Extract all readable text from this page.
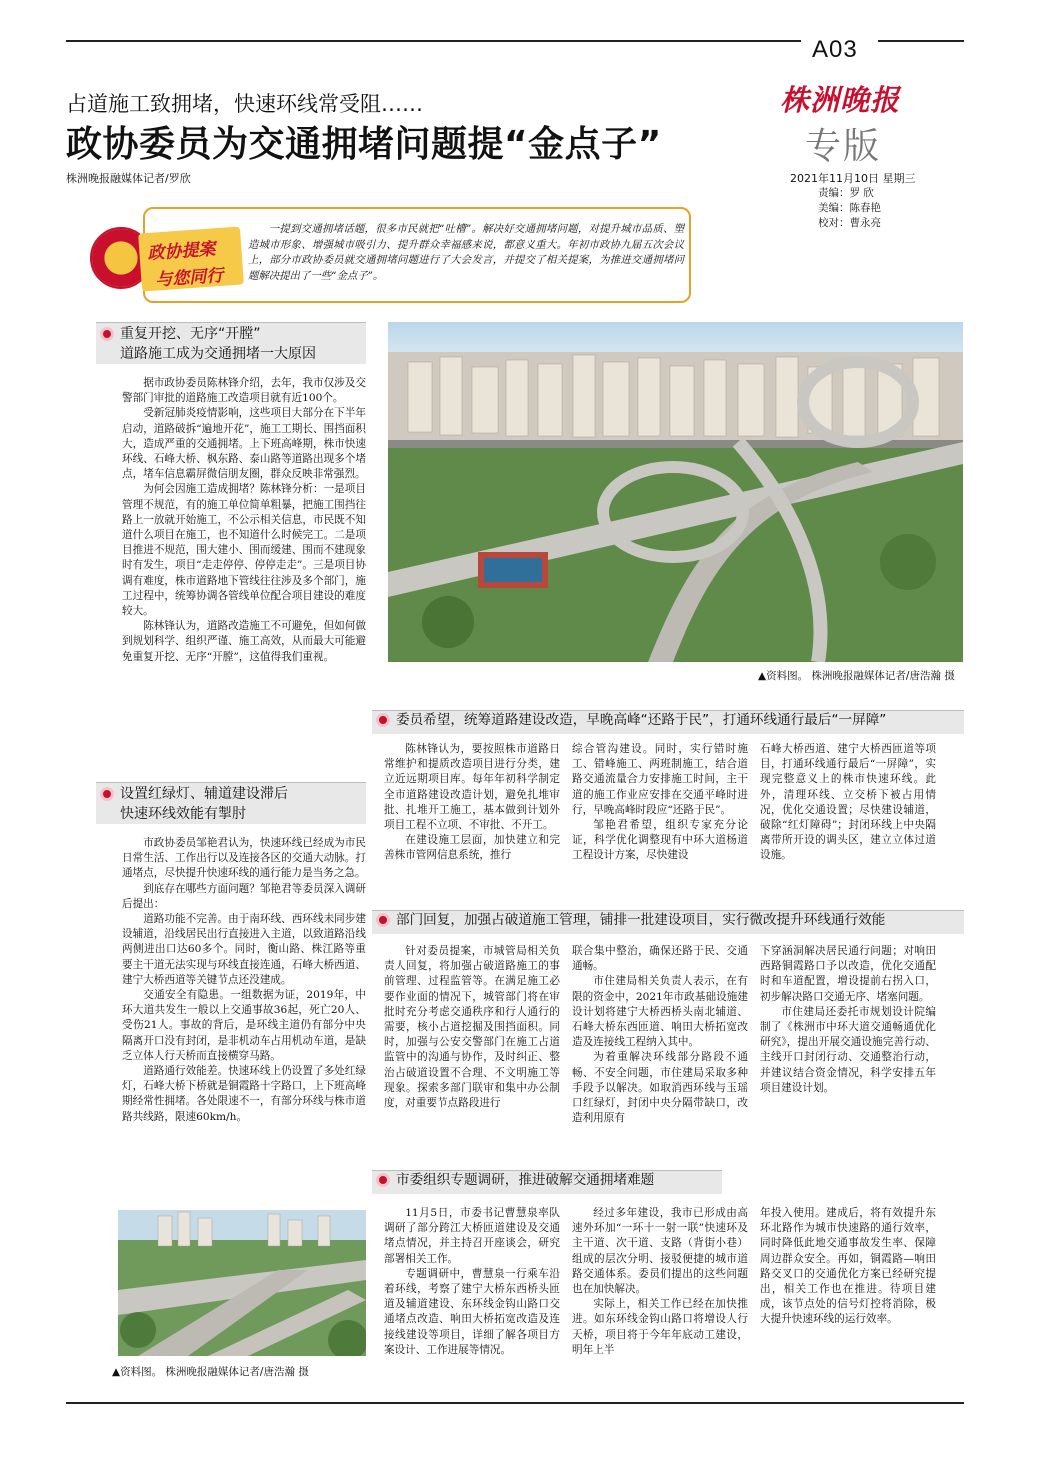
A03
株洲晚报
专版
2021年11月10日 星期三
责编：罗 欣
美编：陈春艳
校对：曹永亮
占道施工致拥堵，快速环线常受阻……
政协委员为交通拥堵问题提“金点子”
株洲晚报融媒体记者/罗欣
政协提案
与您同行
一提到交通拥堵话题，很多市民就把“吐槽”。解决好交通拥堵问题，对提升城市品质、塑造城市形象、增强城市吸引力、提升群众幸福感来说，都意义重大。年初市政协九届五次会议上，部分市政协委员就交通拥堵问题进行了大会发言，并提交了相关提案，为推进交通拥堵问题解决提出了一些“金点子”。
重复开挖、无序“开膛”
道路施工成为交通拥堵一大原因

据市政协委员陈林锋介绍，去年，我市仅涉及交警部门审批的道路施工改造项目就有近100个。

受新冠肺炎疫情影响，这些项目大部分在下半年启动，道路破拆“遍地开花”，施工工期长、围挡面积大，造成严重的交通拥堵。上下班高峰期，株市快速环线、石峰大桥、枫东路、泰山路等道路出现多个堵点，堵车信息霸屏微信朋友圈，群众反映非常强烈。

为何会因施工造成拥堵？陈林锋分析：一是项目管理不规范，有的施工单位简单粗暴，把施工围挡往路上一放就开始施工，不公示相关信息，市民既不知道什么项目在施工，也不知道什么时候完工。二是项目推进不规范，围大建小、围而缓建、围而不建现象时有发生，项目“走走停停、停停走走”。三是项目协调有难度，株市道路地下管线往往涉及多个部门，施工过程中，统筹协调各管线单位配合项目建设的难度较大。

陈林锋认为，道路改造施工不可避免，但如何做到规划科学、组织严谨、施工高效，从而最大可能避免重复开挖、无序“开膛”，这值得我们重视。

设置红绿灯、辅道建设滞后
快速环线效能有掣肘

市政协委员邹艳君认为，快速环线已经成为市民日常生活、工作出行以及连接各区的交通大动脉。打通堵点，尽快提升快速环线的通行能力是当务之急。

到底存在哪些方面问题？邹艳君等委员深入调研后提出：

道路功能不完善。由于南环线、西环线未同步建设辅道，沿线居民出行直接进入主道，以致道路沿线两侧进出口达60多个。同时，衡山路、株江路等重要主干道无法实现与环线直接连通，石峰大桥西道、建宁大桥西道等关键节点还没建成。

交通安全有隐患。一组数据为证，2019年，中环大道共发生一般以上交通事故36起，死亡20人、受伤21人。事故的背后，是环线主道仍有部分中央隔离开口没有封闭，是非机动车占用机动车道，是缺乏立体人行天桥而直接横穿马路。

道路通行效能差。快速环线上仍设置了多处红绿灯，石峰大桥下桥就是铜霞路十字路口，上下班高峰期经常性拥堵。各处限速不一，有部分环线与株市道路共线路，限速60km/h。

▲资料图。 株洲晚报融媒体记者/唐浩瀚 摄
委员希望，统筹道路建设改造，早晚高峰“还路于民”，打通环线通行最后“一屏障”

陈林锋认为，要按照株市道路日常维护和提质改造项目进行分类，建立近远期项目库。每年年初科学制定全市道路建设改造计划，避免扎堆审批、扎堆开工施工，基本做到计划外项目工程不立项、不审批、不开工。

在建设施工层面，加快建立和完善株市管网信息系统，推行

综合管沟建设。同时，实行错时施工、错峰施工、两班制施工，结合道路交通流量合力安排施工时间，主干道的施工作业应安排在交通平峰时进行，早晚高峰时段应“还路于民”。

邹艳君希望，组织专家充分论证，科学优化调整现有中环大道杨道工程设计方案，尽快建设

石峰大桥西道、建宁大桥西匝道等项目，打通环线通行最后“一屏障”，实现完整意义上的株市快速环线。此外，清理环线、立交桥下被占用情况，优化交通设置；尽快建设辅道，破除“红灯障碍”；封闭环线上中央隔离带所开设的调头区，建立立体过道设施。

部门回复，加强占破道施工管理，铺排一批建设项目，实行微改提升环线通行效能

针对委员提案，市城管局相关负责人回复，将加强占破道路施工的事前管理、过程监管等。在满足施工必要作业面的情况下，城管部门将在审批时充分考虑交通秩序和行人通行的需要，核小占道挖掘及围挡面积。同时，加强与公安交警部门在施工占道监管中的沟通与协作，及时纠正、整治占破道设置不合理、不文明施工等现象。探索多部门联审和集中办公制度，对重要节点路段进行

联合集中整治，确保还路于民、交通通畅。

市住建局相关负责人表示，在有限的资金中，2021年市政基础设施建设计划将建宁大桥西桥头南北辅道、石峰大桥东西匝道、响田大桥拓宽改造及连接线工程纳入其中。

为着重解决环线部分路段不通畅、不安全问题，市住建局采取多种手段予以解决。如取消西环线与玉瑶口红绿灯，封闭中央分隔带缺口，改造利用原有

下穿涵洞解决居民通行问题；对响田西路铜霞路口予以改造，优化交通配时和车道配置，增设提前右拐入口，初步解决路口交通无序、堵塞问题。

市住建局还委托市规划设计院编制了《株洲市中环大道交通畅通优化研究》，提出开展交通设施完善行动、主线开口封闭行动、交通整治行动，并建议结合资金情况，科学安排五年项目建设计划。

▲资料图。 株洲晚报融媒体记者/唐浩瀚 摄
市委组织专题调研，推进破解交通拥堵难题

11月5日，市委书记曹慧泉率队调研了部分跨江大桥匝道建设及交通堵点情况，并主持召开座谈会，研究部署相关工作。

专题调研中，曹慧泉一行乘车沿着环线，考察了建宁大桥东西桥头匝道及辅道建设、东环线金钩山路口交通堵点改造、响田大桥拓宽改造及连接线建设等项目，详细了解各项目方案设计、工作进展等情况。

经过多年建设，我市已形成由高速外环加“一环十一射一联”快速环及主干道、次干道、支路（背街小巷）组成的层次分明、接驳便捷的城市道路交通体系。委员们提出的这些问题也在加快解决。

实际上，相关工作已经在加快推进。如东环线金钩山路口将增设人行天桥，项目将于今年年底动工建设，明年上半

年投入使用。建成后，将有效提升东环北路作为城市快速路的通行效率，同时降低此地交通事故发生率、保障周边群众安全。再如，铜霞路—响田路交叉口的交通优化方案已经研究提出，相关工作也在推进。待项目建成，该节点处的信号灯控将消除，极大提升快速环线的运行效率。
